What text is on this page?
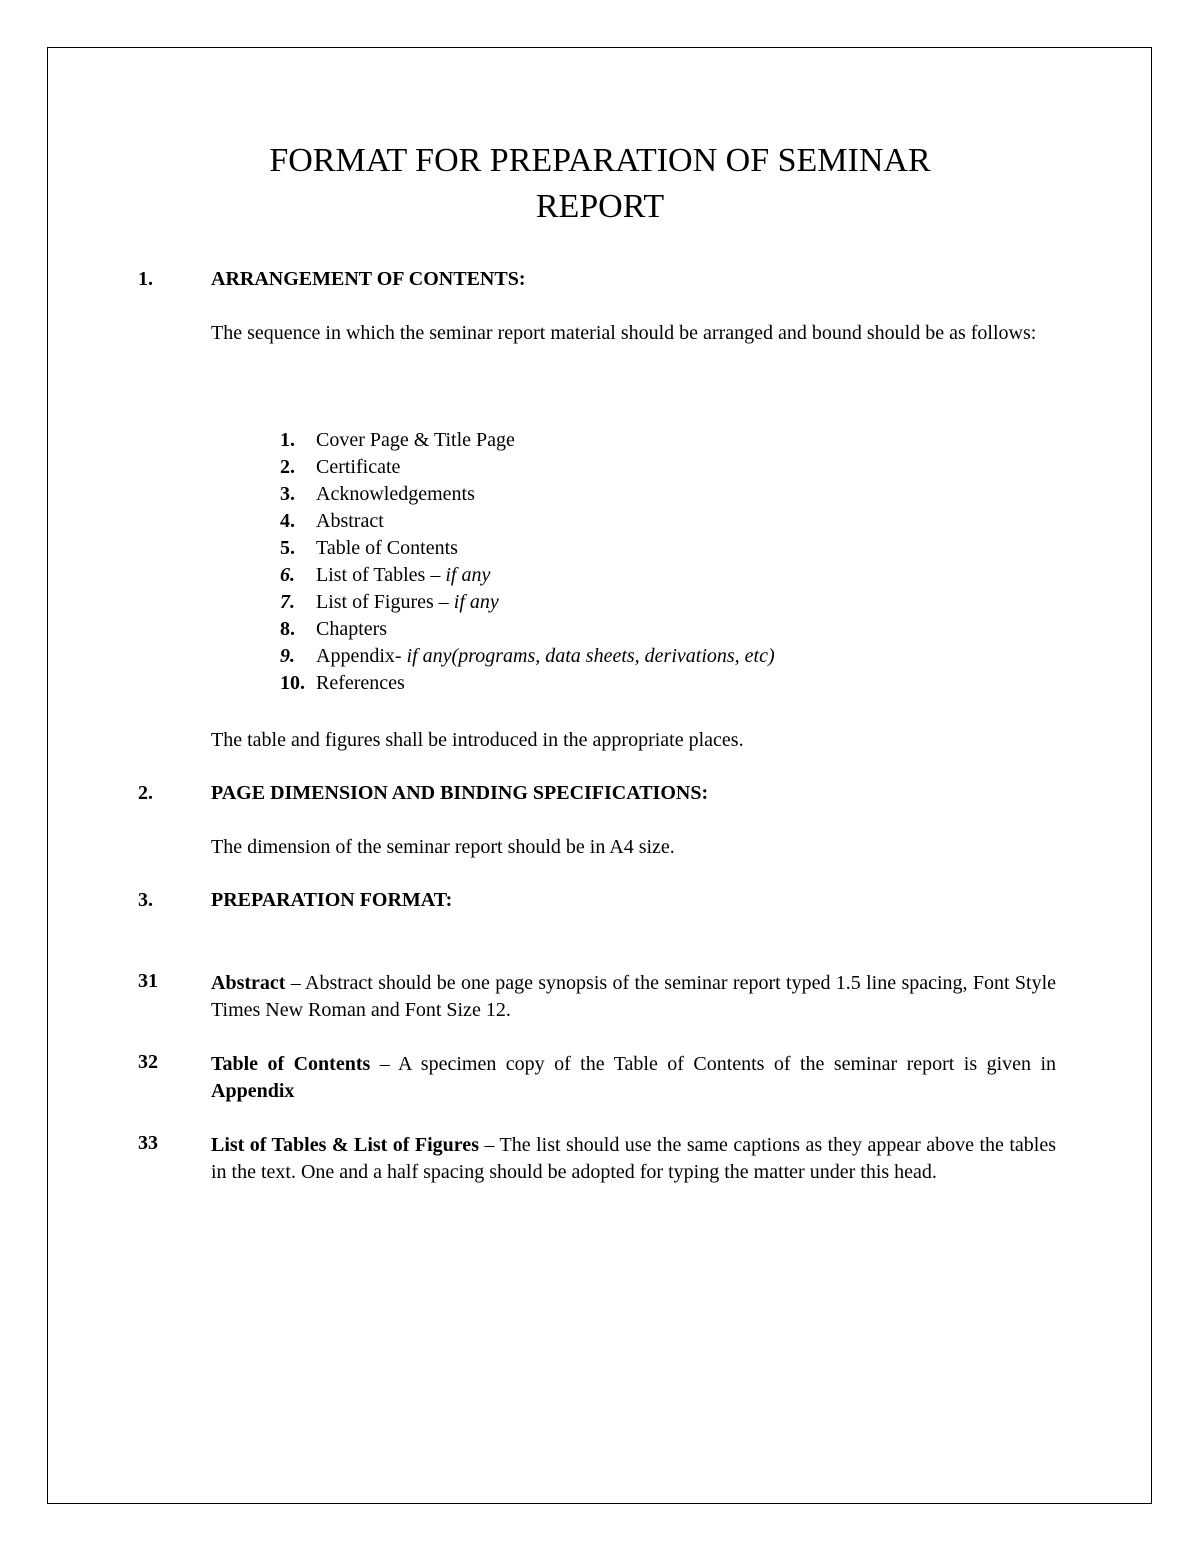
FORMAT FOR PREPARATION OF SEMINAR
REPORT
1.	ARRANGEMENT OF CONTENTS:
The sequence in which the seminar report material should be arranged and bound should be as follows:
1. Cover Page & Title Page
2. Certificate
3. Acknowledgements
4. Abstract
5. Table of Contents
6. List of Tables – if any
7. List of Figures – if any
8. Chapters
9. Appendix- if any(programs, data sheets, derivations, etc)
10. References
The table and figures shall be introduced in the appropriate places.
2.	PAGE DIMENSION AND BINDING SPECIFICATIONS:
The dimension of the seminar report should be in A4 size.
3.	PREPARATION FORMAT:
31	Abstract – Abstract should be one page synopsis of the seminar report typed 1.5 line spacing, Font Style Times New Roman and Font Size 12.
32	Table of Contents – A specimen copy of the Table of Contents of the seminar report is given in Appendix
33	List of Tables & List of Figures – The list should use the same captions as they appear above the tables in the text. One and a half spacing should be adopted for typing the matter under this head.
